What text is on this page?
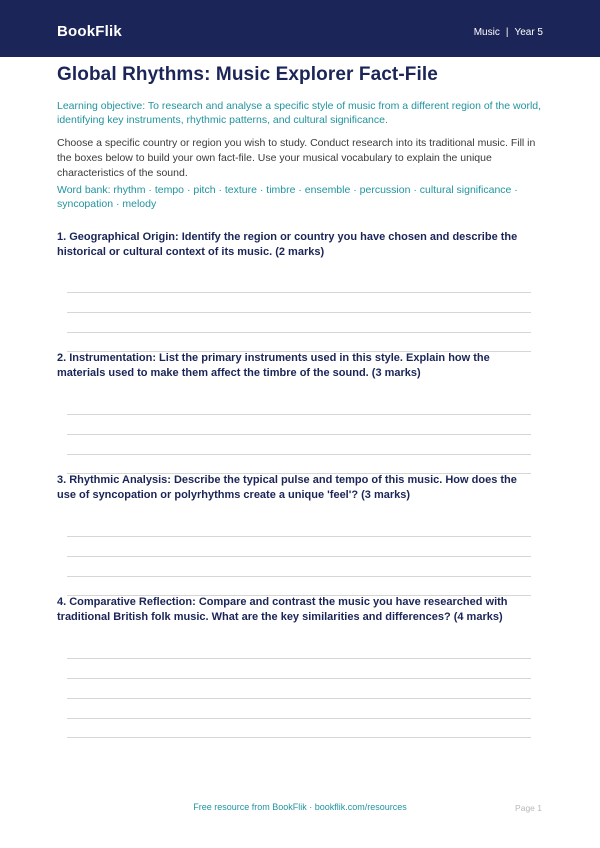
BookFlik	Music | Year 5
Global Rhythms: Music Explorer Fact-File
Learning objective: To research and analyse a specific style of music from a different region of the world, identifying key instruments, rhythmic patterns, and cultural significance.
Choose a specific country or region you wish to study. Conduct research into its traditional music. Fill in the boxes below to build your own fact-file. Use your musical vocabulary to explain the unique characteristics of the sound.
Word bank: rhythm · tempo · pitch · texture · timbre · ensemble · percussion · cultural significance · syncopation · melody
1. Geographical Origin: Identify the region or country you have chosen and describe the historical or cultural context of its music. (2 marks)
2. Instrumentation: List the primary instruments used in this style. Explain how the materials used to make them affect the timbre of the sound. (3 marks)
3. Rhythmic Analysis: Describe the typical pulse and tempo of this music. How does the use of syncopation or polyrhythms create a unique 'feel'? (3 marks)
4. Comparative Reflection: Compare and contrast the music you have researched with traditional British folk music. What are the key similarities and differences? (4 marks)
Free resource from BookFlik · bookflik.com/resources	Page 1
